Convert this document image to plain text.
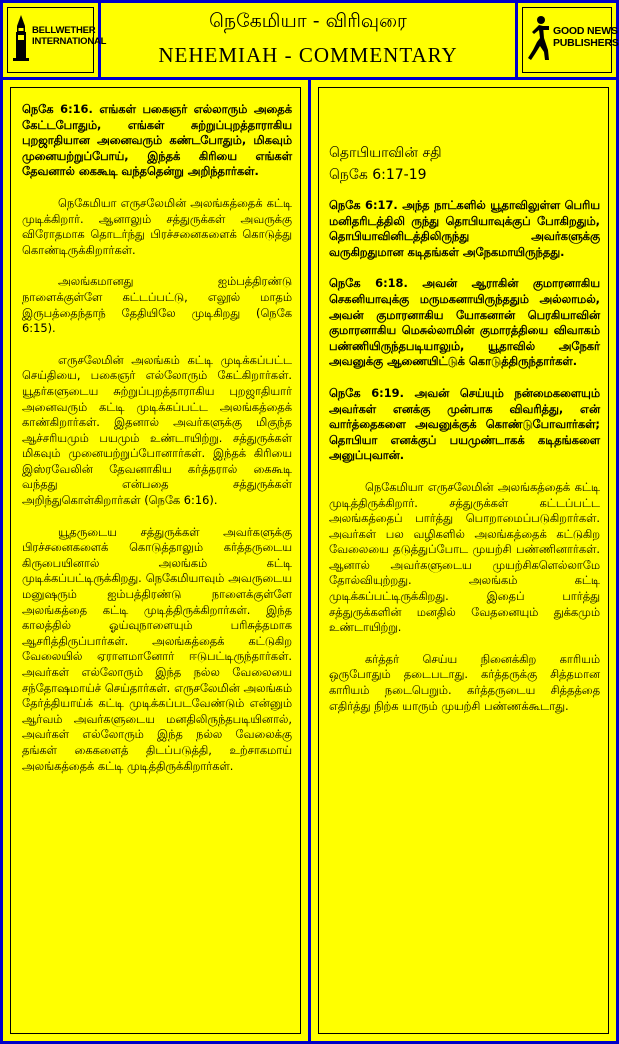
BELLWETHER
INTERNATIONAL
நெகேமியா - விரிவுரை
NEHEMIAH - COMMENTARY
GOOD NEWS
PUBLISHERS

நெகே 6:16. எங்கள் பகைஞர் எல்லாரும் அதைக் கேட்டபோதும், எங்கள் சுற்றுப்புறத்தாராகிய புறஜாதியான அனைவரும் கண்டபோதும், மிகவும் முனையற்றுப்போய், இந்தக் கிரியை எங்கள் தேவனால் கைகூடி வந்ததென்று அறிந்தார்கள்.

நெகேமியா எருசலேமின் அலங்கத்தைக் கட்டி முடிக்கிறார். ஆனாலும் சத்துருக்கள் அவருக்கு விரோதமாக தொடர்ந்து பிரச்சனைகளைக் கொடுத்து கொண்டிருக்கிறார்கள்.

அலங்கமானது ஐம்பத்திரண்டு நாளைக்குள்ளே கட்டப்பட்டு, எலூல் மாதம் இருபத்தைந்தாந் தேதியிலே முடிகிறது (நெகே 6:15).

எருசலேமின் அலங்கம் கட்டி முடிக்கப்பட்ட செய்தியை, பகைஞர் எல்லோரும் கேட்கிறார்கள். யூதர்களுடைய சுற்றுப்புறத்தாராகிய புறஜாதியார் அனைவரும் கட்டி முடிக்கப்பட்ட அலங்கத்தைக் காண்கிறார்கள். இதனால் அவர்களுக்கு மிகுந்த ஆச்சரியமும் பயமும் உண்டாயிற்று. சத்துருக்கள் மிகவும் முனையற்றுப்போனார்கள். இந்தக் கிரியை இஸ்ரவேலின் தேவனாகிய கர்த்தரால் கைகூடி வந்தது என்பதை சத்துருக்கள் அறிந்துகொள்கிறார்கள் (நெகே 6:16).

யூதருடைய சத்துருக்கள் அவர்களுக்கு பிரச்சனைகளைக் கொடுத்தாலும் கர்த்தருடைய கிருபையினால் அலங்கம் கட்டி முடிக்கப்பட்டிருக்கிறது. நெகேமியாவும் அவருடைய மனுஷரும் ஐம்பத்திரண்டு நாளைக்குள்ளே அலங்கத்தை கட்டி முடித்திருக்கிறார்கள். இந்த காலத்தில் ஓய்வுநாளையும் பரிசுத்தமாக ஆசரித்திருப்பார்கள். அலங்கத்தைக் கட்டுகிற வேலையில் ஏராளமானோர் ஈடுபட்டிருந்தார்கள். அவர்கள் எல்லோரும் இந்த நல்ல வேலையை சந்தோஷமாய்ச் செய்தார்கள். எருசலேமின் அலங்கம் தேர்த்தியாய்க் கட்டி முடிக்கப்படவேண்டும் என்னும் ஆர்வம் அவர்களுடைய மனதிலிருந்தபடியினால், அவர்கள் எல்லோரும் இந்த நல்ல வேலைக்கு தங்கள் கைகளைத் திடப்படுத்தி, உற்சாகமாய் அலங்கத்தைக் கட்டி முடித்திருக்கிறார்கள்.

தொபியாவின் சதி
நெகே 6:17-19

நெகே 6:17. அந்த நாட்களில் யூதாவிலுள்ள பெரிய மனிதரிடத்திலி ருந்து தொபியாவுக்குப் போகிறதும், தொபியாவினிடத்திலிருந்து அவர்களுக்கு வருகிறதுமான கடிதங்கள் அநேகமாயிருந்தது.

நெகே 6:18. அவன் ஆராகின் குமாரனாகிய செகனியாவுக்கு மருமகனாயிருந்ததும் அல்லாமல், அவன் குமாரனாகிய யோகனான் பெரகியாவின் குமாரனாகிய மெசுல்லாமின் குமாரத்தியை விவாகம் பண்ணியிருந்தபடியாலும், யூதாவில் அநேகர் அவனுக்கு ஆணையிட்டுக் கொடுத்திருந்தார்கள்.

நெகே 6:19. அவன் செய்யும் நன்மைகளையும் அவர்கள் எனக்கு முன்பாக விவரித்து, என் வார்த்தைகளை அவனுக்குக் கொண்டுபோவார்கள்; தொபியா எனக்குப் பயமுண்டாகக் கடிதங்களை அனுப்புவான்.

நெகேமியா எருசலேமின் அலங்கத்தைக் கட்டி முடித்திருக்கிறார். சத்துருக்கள் கட்டப்பட்ட அலங்கத்தைப் பார்த்து பொறாமைப்படுகிறார்கள். அவர்கள் பல வழிகளில் அலங்கத்தைக் கட்டுகிற வேலையை தடுத்துப்போட முயற்சி பண்ணினார்கள். ஆனால் அவர்களுடைய முயற்சிகளெல்லாமே தோல்வியுற்றது. அலங்கம் கட்டி முடிக்கப்பட்டிருக்கிறது. இதைப் பார்த்து சத்துருக்களின் மனதில் வேதனையும் துக்கமும் உண்டாயிற்று.

கர்த்தர் செய்ய நினைக்கிற காரியம் ஒருபோதும் தடைபடாது. கர்த்தருக்கு சித்தமான காரியம் நடைபெறும். கர்த்தருடைய சித்தத்தை எதிர்த்து நிற்க யாரும் முயற்சி பண்ணக்கூடாது.
